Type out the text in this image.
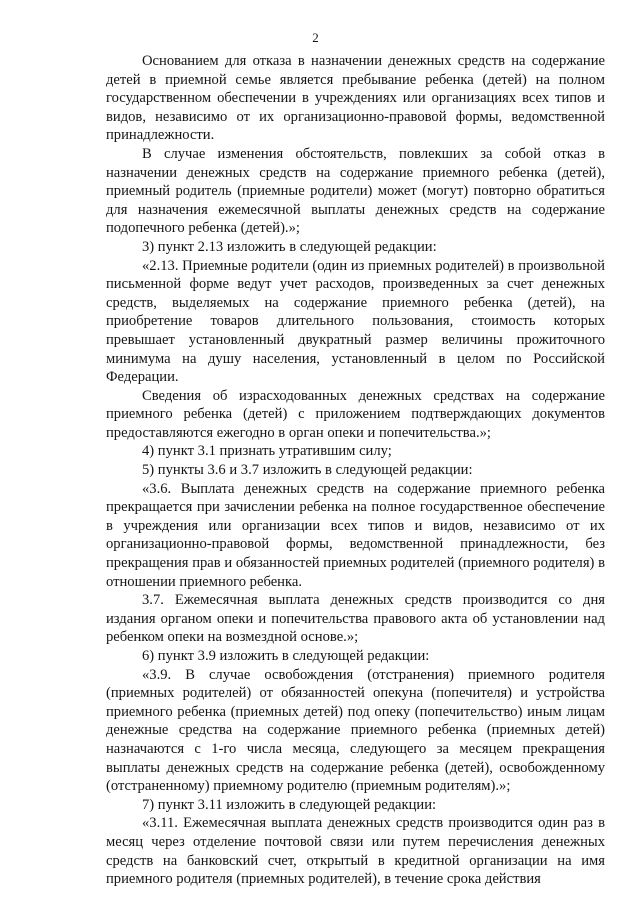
2

Основанием для отказа в назначении денежных средств на содержание детей в приемной семье является пребывание ребенка (детей) на полном государственном обеспечении в учреждениях или организациях всех типов и видов, независимо от их организационно-правовой формы, ведомственной принадлежности.

В случае изменения обстоятельств, повлекших за собой отказ в назначении денежных средств на содержание приемного ребенка (детей), приемный родитель (приемные родители) может (могут) повторно обратиться для назначения ежемесячной выплаты денежных средств на содержание подопечного ребенка (детей).»;

3) пункт 2.13 изложить в следующей редакции:

«2.13. Приемные родители (один из приемных родителей) в произвольной письменной форме ведут учет расходов, произведенных за счет денежных средств, выделяемых на содержание приемного ребенка (детей), на приобретение товаров длительного пользования, стоимость которых превышает установленный двукратный размер величины прожиточного минимума на душу населения, установленный в целом по Российской Федерации.

Сведения об израсходованных денежных средствах на содержание приемного ребенка (детей) с приложением подтверждающих документов предоставляются ежегодно в орган опеки и попечительства.»;

4) пункт 3.1 признать утратившим силу;

5) пункты 3.6 и 3.7 изложить в следующей редакции:

«3.6. Выплата денежных средств на содержание приемного ребенка прекращается при зачислении ребенка на полное государственное обеспечение в учреждения или организации всех типов и видов, независимо от их организационно-правовой формы, ведомственной принадлежности, без прекращения прав и обязанностей приемных родителей (приемного родителя) в отношении приемного ребенка.

3.7. Ежемесячная выплата денежных средств производится со дня издания органом опеки и попечительства правового акта об установлении над ребенком опеки на возмездной основе.»;

6) пункт 3.9 изложить в следующей редакции:

«3.9. В случае освобождения (отстранения) приемного родителя (приемных родителей) от обязанностей опекуна (попечителя) и устройства приемного ребенка (приемных детей) под опеку (попечительство) иным лицам денежные средства на содержание приемного ребенка (приемных детей) назначаются с 1-го числа месяца, следующего за месяцем прекращения выплаты денежных средств на содержание ребенка (детей), освобожденному (отстраненному) приемному родителю (приемным родителям).»;

7) пункт 3.11 изложить в следующей редакции:

«3.11. Ежемесячная выплата денежных средств производится один раз в месяц через отделение почтовой связи или путем перечисления денежных средств на банковский счет, открытый в кредитной организации на имя приемного родителя (приемных родителей), в течение срока действия
